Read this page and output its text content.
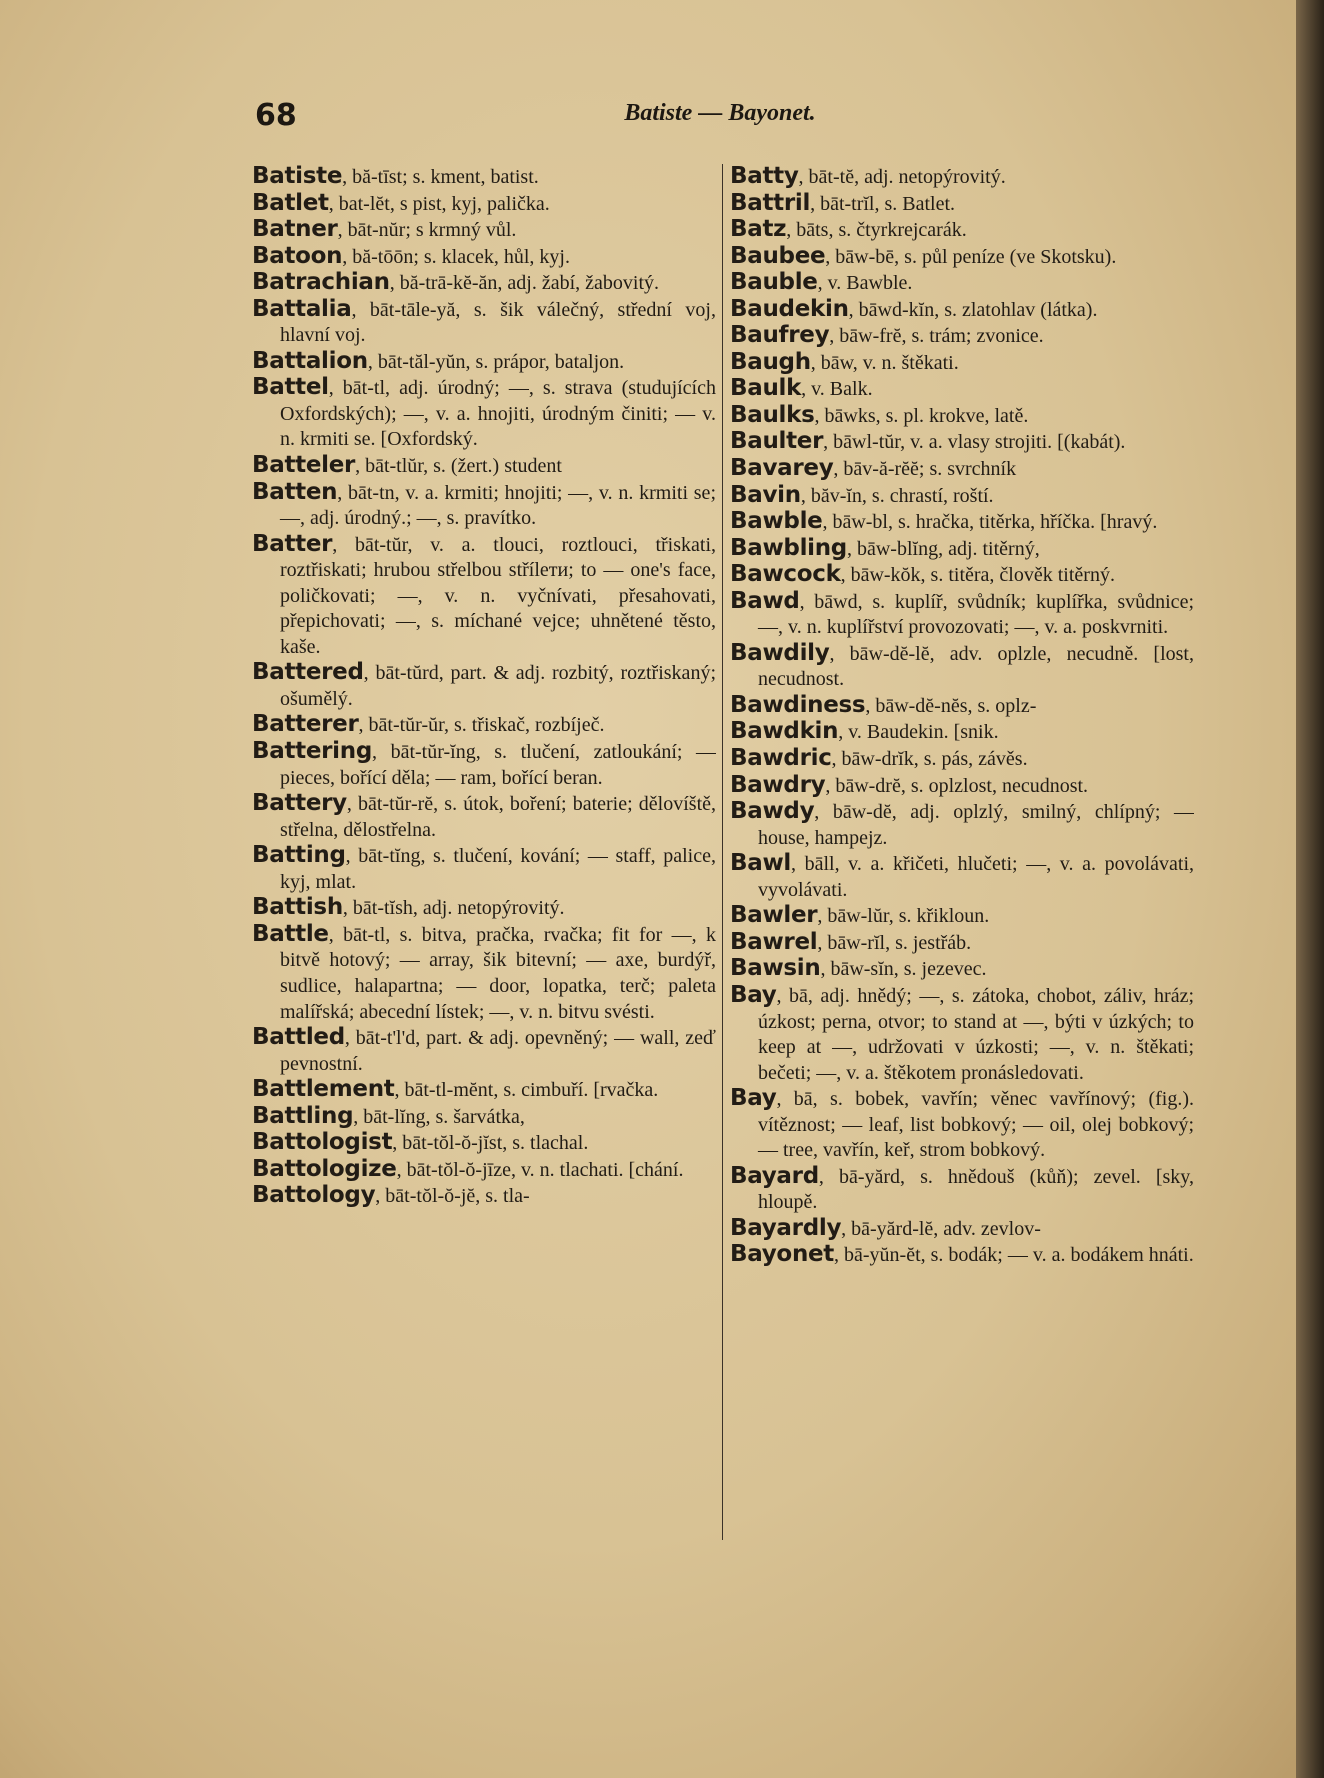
68	Batiste — Bayonet.

Batiste, bă-tīst; s. kment, batist.

Batlet, bat-lĕt, s pist, kyj, palička.

Batner, bāt-nŭr; s krmný vůl.

Batoon, bă-tōōn; s. klacek, hůl, kyj.

Batrachian, bă-trā-kĕ-ăn, adj. žabí, žabovitý.

Battalia, bāt-tāle-yă, s. šik válečný, střední voj, hlavní voj.

Battalion, bāt-tăl-yŭn, s. prápor, bataljon.

Battel, bāt-tl, adj. úrodný; —, s. strava (studujících Oxfordských); —, v. a. hnojiti, úrodným činiti; — v. n. krmiti se. [Oxfordský.

Batteler, bāt-tlŭr, s. (žert.) student

Batten, bāt-tn, v. a. krmiti; hnojiti; —, v. n. krmiti se; —, adj. úrodný.; —, s. pravítko.

Batter, bāt-tŭr, v. a. tlouci, roztlouci, třiskati, roztřiskati; hrubou střelbou střílети; to — one's face, poličkovati; —, v. n. vyčnívati, přesahovati, přepichovati; —, s. míchané vejce; uhnětené těsto, kaše.

Battered, bāt-tŭrd, part. & adj. rozbitý, roztřiskaný; ošumělý.

Batterer, bāt-tŭr-ŭr, s. třiskač, rozbíječ.

Battering, bāt-tŭr-ĭng, s. tlučení, zatloukání; — pieces, bořící děla; — ram, bořící beran.

Battery, bāt-tŭr-rĕ, s. útok, boření; baterie; dělovíště, střelna, dělostřelna.

Batting, bāt-tĭng, s. tlučení, kování; — staff, palice, kyj, mlat.

Battish, bāt-tĭsh, adj. netopýrovitý.

Battle, bāt-tl, s. bitva, pračka, rvačka; fit for —, k bitvě hotový; — array, šik bitevní; — axe, burdýř, sudlice, halapartna; — door, lopatka, terč; paleta malířská; abecední lístek; —, v. n. bitvu svésti.

Battled, bāt-t'l'd, part. & adj. opevněný; — wall, zeď pevnostní.

Battlement, bāt-tl-mĕnt, s. cimbuří. [rvačka.

Battling, bāt-lĭng, s. šarvátka,

Battologist, bāt-tŏl-ŏ-jĭst, s. tlachal.

Battologize, bāt-tŏl-ŏ-jīze, v. n. tlachati. [chání.

Battology, bāt-tŏl-ŏ-jĕ, s. tla-

Batty, bāt-tĕ, adj. netopýrovitý.

Battril, bāt-trĭl, s. Batlet.

Batz, bāts, s. čtyrkrejcarák.

Baubee, bāw-bē, s. půl peníze (ve Skotsku).

Bauble, v. Bawble.

Baudekin, bāwd-kĭn, s. zlatohlav (látka).

Baufrey, bāw-frĕ, s. trám; zvonice.

Baugh, bāw, v. n. štěkati.

Baulk, v. Balk.

Baulks, bāwks, s. pl. krokve, latě.

Baulter, bāwl-tŭr, v. a. vlasy strojiti. [(kabát).

Bavarey, bāv-ă-rĕĕ; s. svrchník

Bavin, băv-ĭn, s. chrastí, roští.

Bawble, bāw-bl, s. hračka, titěrka, hříčka. [hravý.

Bawbling, bāw-blĭng, adj. titěrný,

Bawcock, bāw-kŏk, s. titěra, člověk titěrný.

Bawd, bāwd, s. kuplíř, svůdník; kuplířka, svůdnice; —, v. n. kuplířství provozovati; —, v. a. poskvrniti.

Bawdily, bāw-dĕ-lĕ, adv. oplzle, necudně. [lost, necudnost.

Bawdiness, bāw-dĕ-nĕs, s. oplz-

Bawdkin, v. Baudekin. [snik.

Bawdric, bāw-drĭk, s. pás, závěs.

Bawdry, bāw-drĕ, s. oplzlost, necudnost.

Bawdy, bāw-dĕ, adj. oplzlý, smilný, chlípný; — house, hampejz.

Bawl, bāll, v. a. křičeti, hlučeti; —, v. a. povolávati, vyvolávati.

Bawler, bāw-lŭr, s. křikloun.

Bawrel, bāw-rĭl, s. jestřáb.

Bawsin, bāw-sĭn, s. jezevec.

Bay, bā, adj. hnědý; —, s. zátoka, chobot, záliv, hráz; úzkost; perna, otvor; to stand at —, býti v úzkých; to keep at —, udržovati v úzkosti; —, v. n. štěkati; bečeti; —, v. a. štěkotem pronásledovati.

Bay, bā, s. bobek, vavřín; věnec vavřínový; (fig.). vítěznost; — leaf, list bobkový; — oil, olej bobkový; — tree, vavřín, keř, strom bobkový.

Bayard, bā-yărd, s. hnědouš (kůň); zevel. [sky, hloupě.

Bayardly, bā-yărd-lĕ, adv. zevlov-

Bayonet, bā-yŭn-ĕt, s. bodák; — v. a. bodákem hnáti.
